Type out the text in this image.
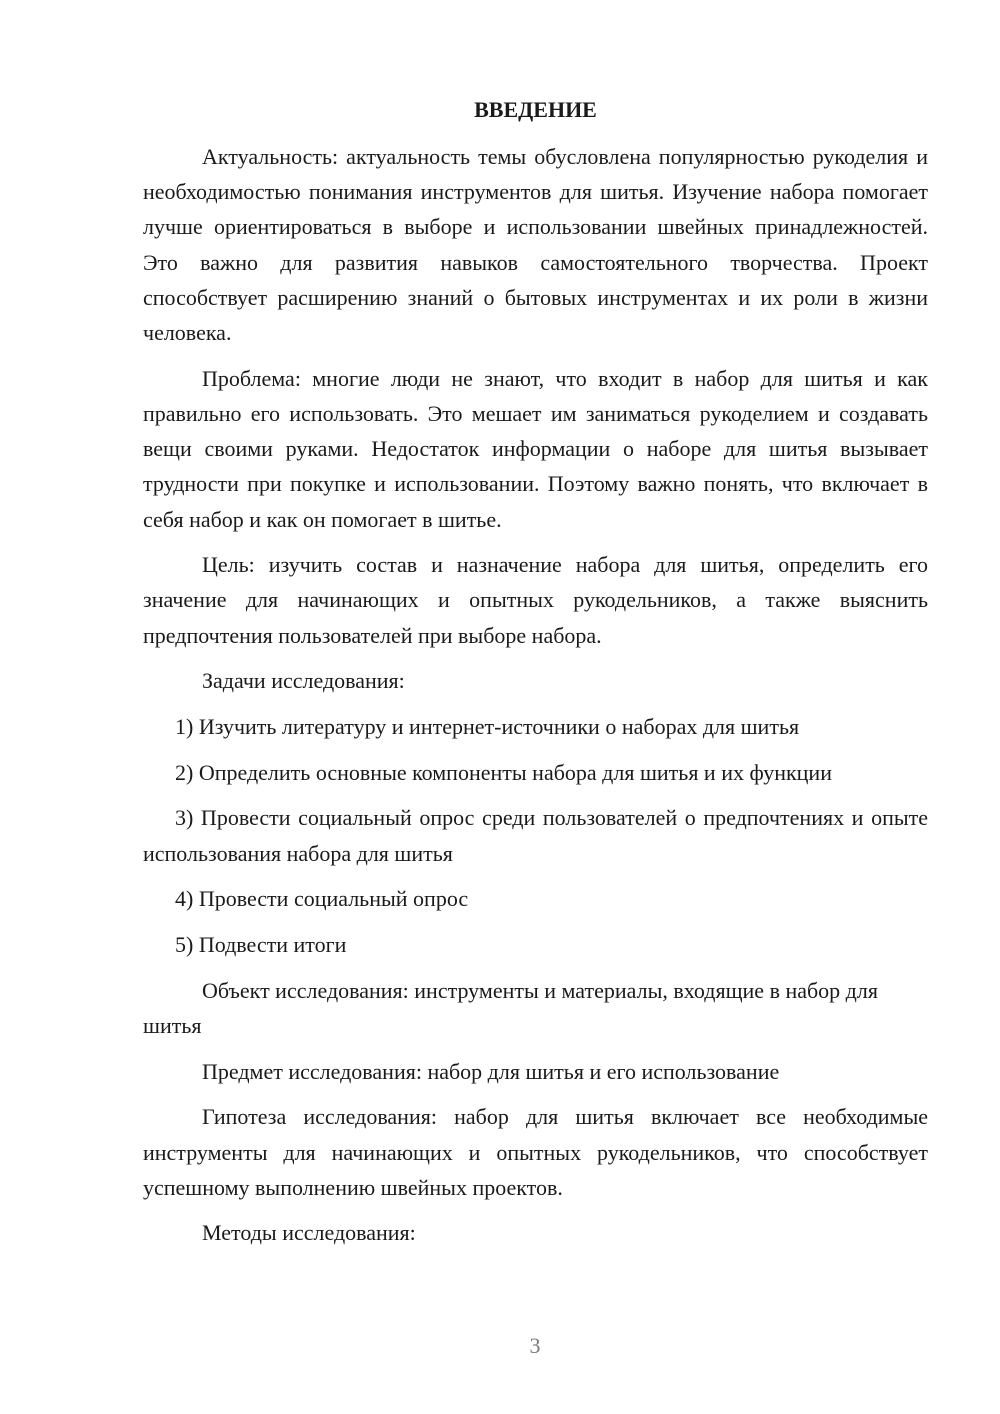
ВВЕДЕНИЕ

Актуальность: актуальность темы обусловлена популярностью рукоделия и необходимостью понимания инструментов для шитья. Изучение набора помогает лучше ориентироваться в выборе и использовании швейных принадлежностей. Это важно для развития навыков самостоятельного творчества. Проект способствует расширению знаний о бытовых инструментах и их роли в жизни человека.

Проблема: многие люди не знают, что входит в набор для шитья и как правильно его использовать. Это мешает им заниматься рукоделием и создавать вещи своими руками. Недостаток информации о наборе для шитья вызывает трудности при покупке и использовании. Поэтому важно понять, что включает в себя набор и как он помогает в шитье.

Цель: изучить состав и назначение набора для шитья, определить его значение для начинающих и опытных рукодельников, а также выяснить предпочтения пользователей при выборе набора.

Задачи исследования:

1) Изучить литературу и интернет-источники о наборах для шитья

2) Определить основные компоненты набора для шитья и их функции

3) Провести социальный опрос среди пользователей о предпочтениях и опыте использования набора для шитья

4) Провести социальный опрос

5) Подвести итоги

Объект исследования: инструменты и материалы, входящие в набор для шитья

Предмет исследования: набор для шитья и его использование

Гипотеза исследования: набор для шитья включает все необходимые инструменты для начинающих и опытных рукодельников, что способствует успешному выполнению швейных проектов.

Методы исследования:

3
